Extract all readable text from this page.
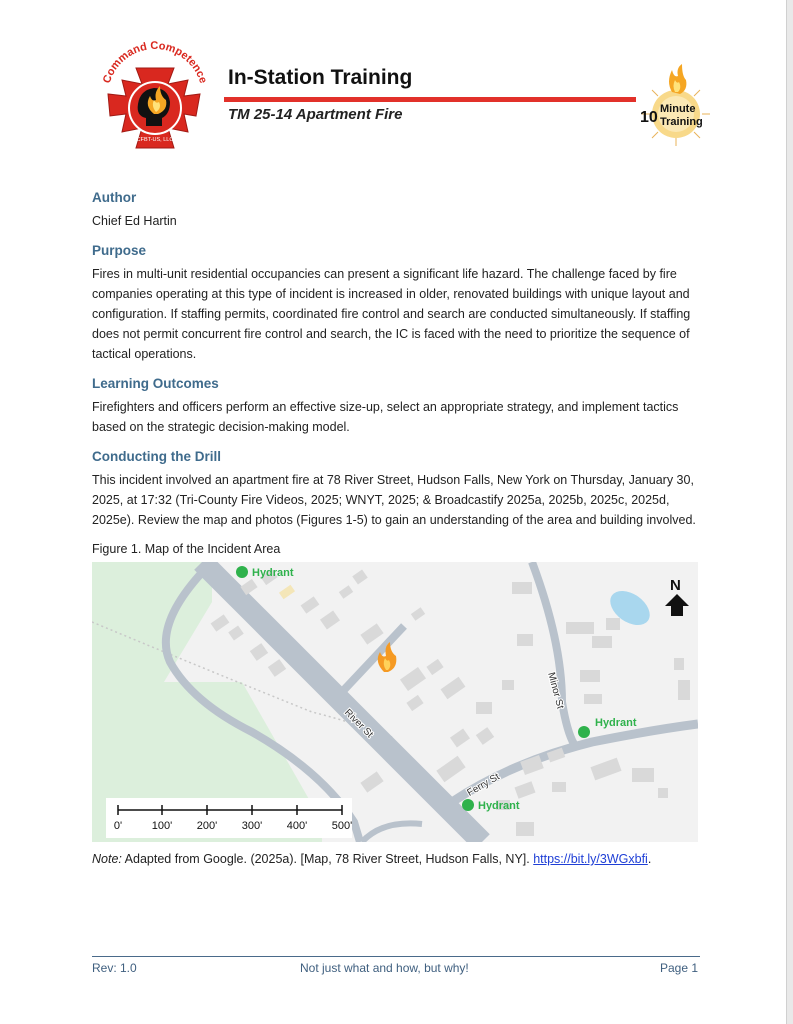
Command Competence
CFBT-US, LLC
In-Station Training
TM 25-14 Apartment Fire	10 Minute
Training
Author

Chief Ed Hartin

Purpose

Fires in multi-unit residential occupancies can present a significant life hazard. The challenge faced by fire companies operating at this type of incident is increased in older, renovated buildings with unique layout and configuration. If staffing permits, coordinated fire control and search are conducted simultaneously. If staffing does not permit concurrent fire control and search, the IC is faced with the need to prioritize the sequence of tactical operations.

Learning Outcomes

Firefighters and officers perform an effective size-up, select an appropriate strategy, and implement tactics based on the strategic decision-making model.

Conducting the Drill

This incident involved an apartment fire at 78 River Street, Hudson Falls, New York on Thursday, January 30, 2025, at 17:32 (Tri-County Fire Videos, 2025; WNYT, 2025; & Broadcastify 2025a, 2025b, 2025c, 2025d, 2025e). Review the map and photos (Figures 1-5) to gain an understanding of the area and building involved.

Figure 1. Map of the Incident Area
Hydrant
Hydrant
Hydrant
River St
Minor St
Ferry St
N
0'	100' 200' 300' 400' 500'
Note: Adapted from Google. (2025a). [Map, 78 River Street, Hudson Falls, NY]. https://bit.ly/3WGxbfi.
Rev: 1.0	Not just what and how, but why!	Page 1
